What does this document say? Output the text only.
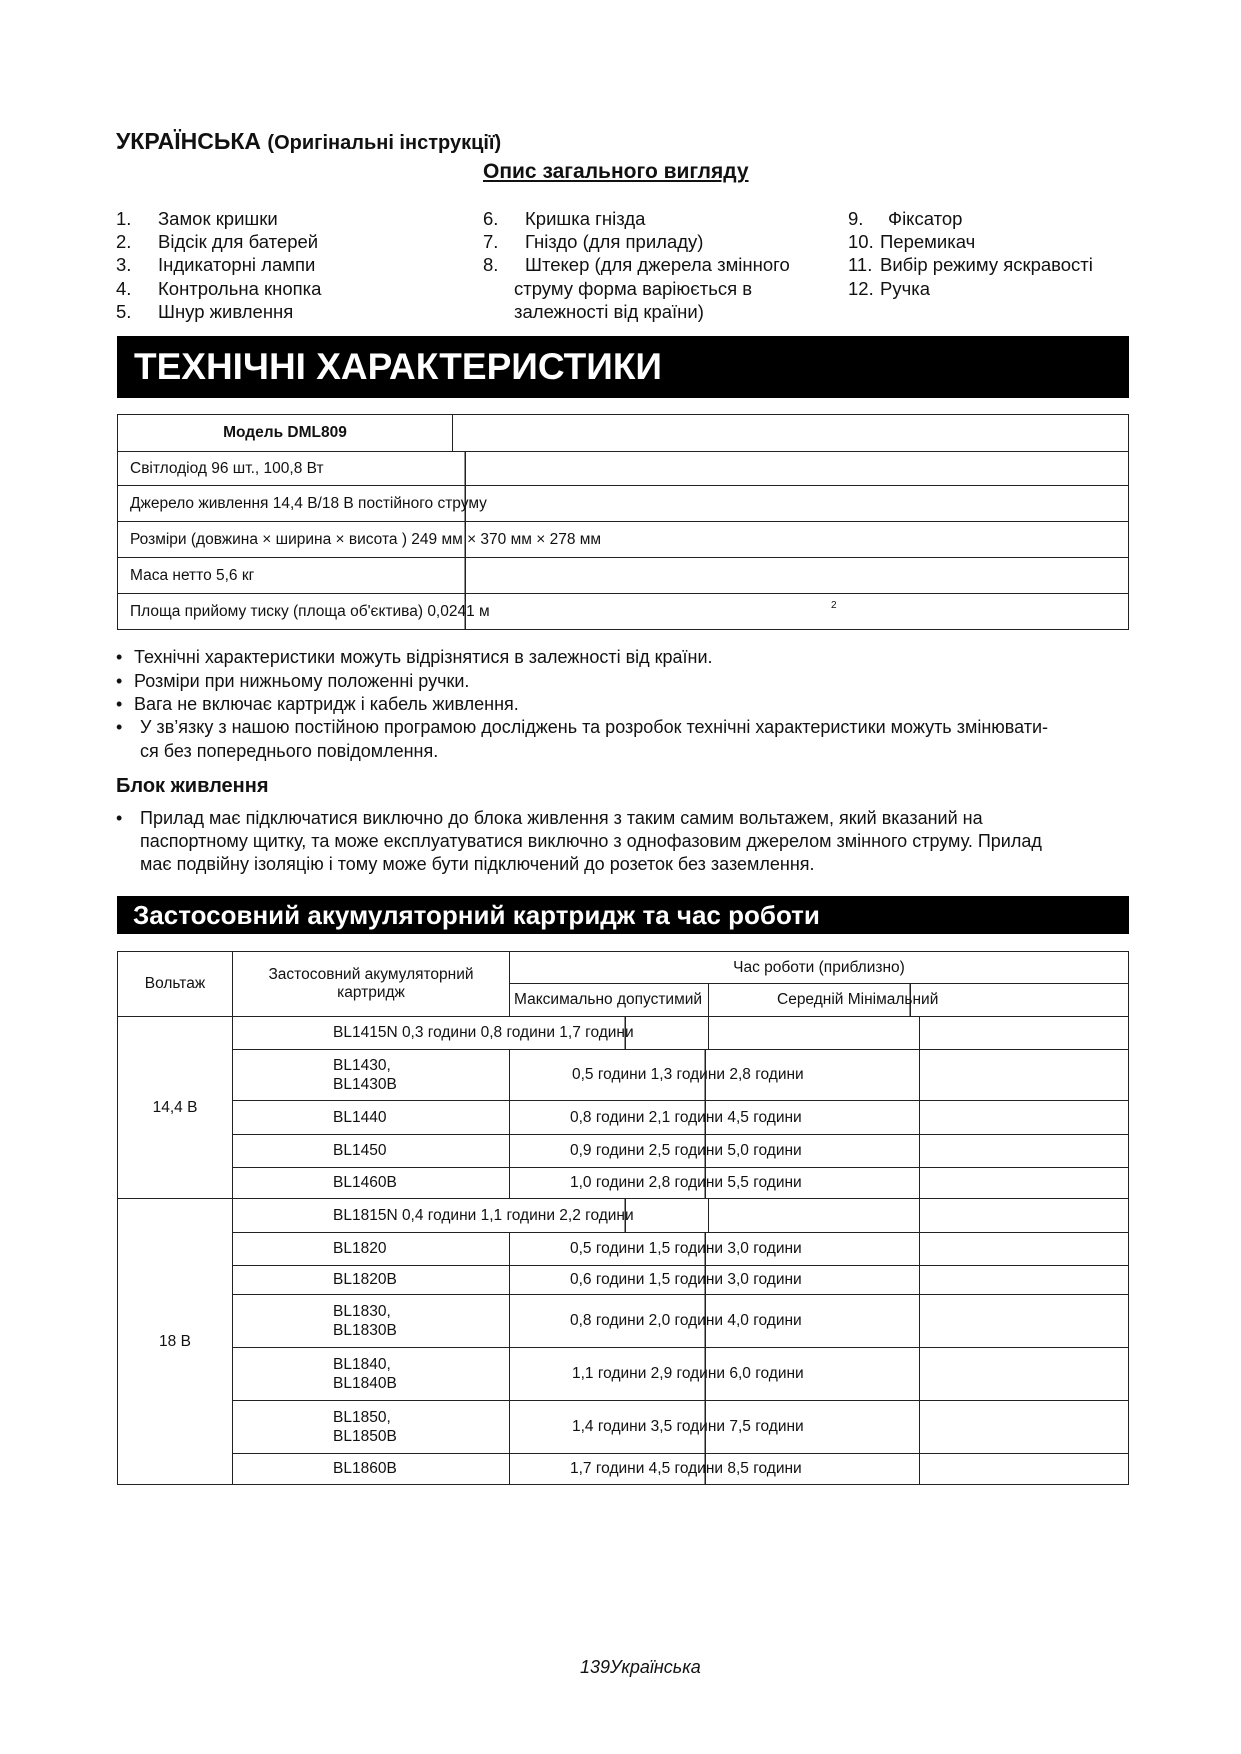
УКРАЇНСЬКА (Оригінальні інструкції)
Опис загального вигляду
1. Замок кришки
2. Відсік для батерей
3. Індикаторні лампи
4. Контрольна кнопка
5. Шнур живлення
6. Кришка гнізда
7. Гніздо (для приладу)
8. Штекер (для джерела змінного
струму форма варіюється в
залежності від країни)
9. Фіксатор
10. Перемикач
11. Вибір режиму яскравості
12. Ручка
ТЕХНІЧНІ ХАРАКТЕРИСТИКИ
Модель DML809	
Світлодіод 96 шт., 100,8 Вт
Джерело живлення 14,4 В/18 В постійного струму
Розміри (довжина × ширина × висота ) 249 мм × 370 мм × 278 мм
Маса нетто 5,6 кг
Площа прийому тиску (площа об'єктива) 0,0241 м	2
• Технічні характеристики можуть відрізнятися в залежності від країни.
• Розміри при нижньому положенні ручки.
• Вага не включає картридж і кабель живлення.
• У зв’язку з нашою постійною програмою досліджень та розробок технічні характеристики можуть змінювати-
ся без попереднього повідомлення.
Блок живлення
• Прилад має підключатися виключно до блока живлення з таким самим вольтажем, який вказаний на
паспортному щитку, та може експлуатуватися виключно з однофазовим джерелом змінного струму. Прилад
має подвійну ізоляцію і тому може бути підключений до розеток без заземлення.
Застосовний акумуляторний картридж та час роботи
Вольтаж	Застосовний акумуляторний картридж	Час роботи (приблизно)		
		Максимально допустимий	Середній Мінімальний	
14,4 В	BL1415N 0,3 години 0,8 години 1,7 години			
	BL1430,
BL1430B	0,5 години 1,3 години 2,8 години		
	BL1440	0,8 години 2,1 години 4,5 години		
	BL1450	0,9 години 2,5 години 5,0 години		
	BL1460B	1,0 години 2,8 години 5,5 години		
18 В	BL1815N 0,4 години 1,1 години 2,2 години			
	BL1820	0,5 години 1,5 години 3,0 години		
	BL1820B	0,6 години 1,5 години 3,0 години		
	BL1830,
BL1830B	0,8 години 2,0 години 4,0 години		
	BL1840,
BL1840B	1,1 години 2,9 години 6,0 години		
	BL1850,
BL1850B	1,4 години 3,5 години 7,5 години		
	BL1860B	1,7 години 4,5 години 8,5 години		
139Українська
